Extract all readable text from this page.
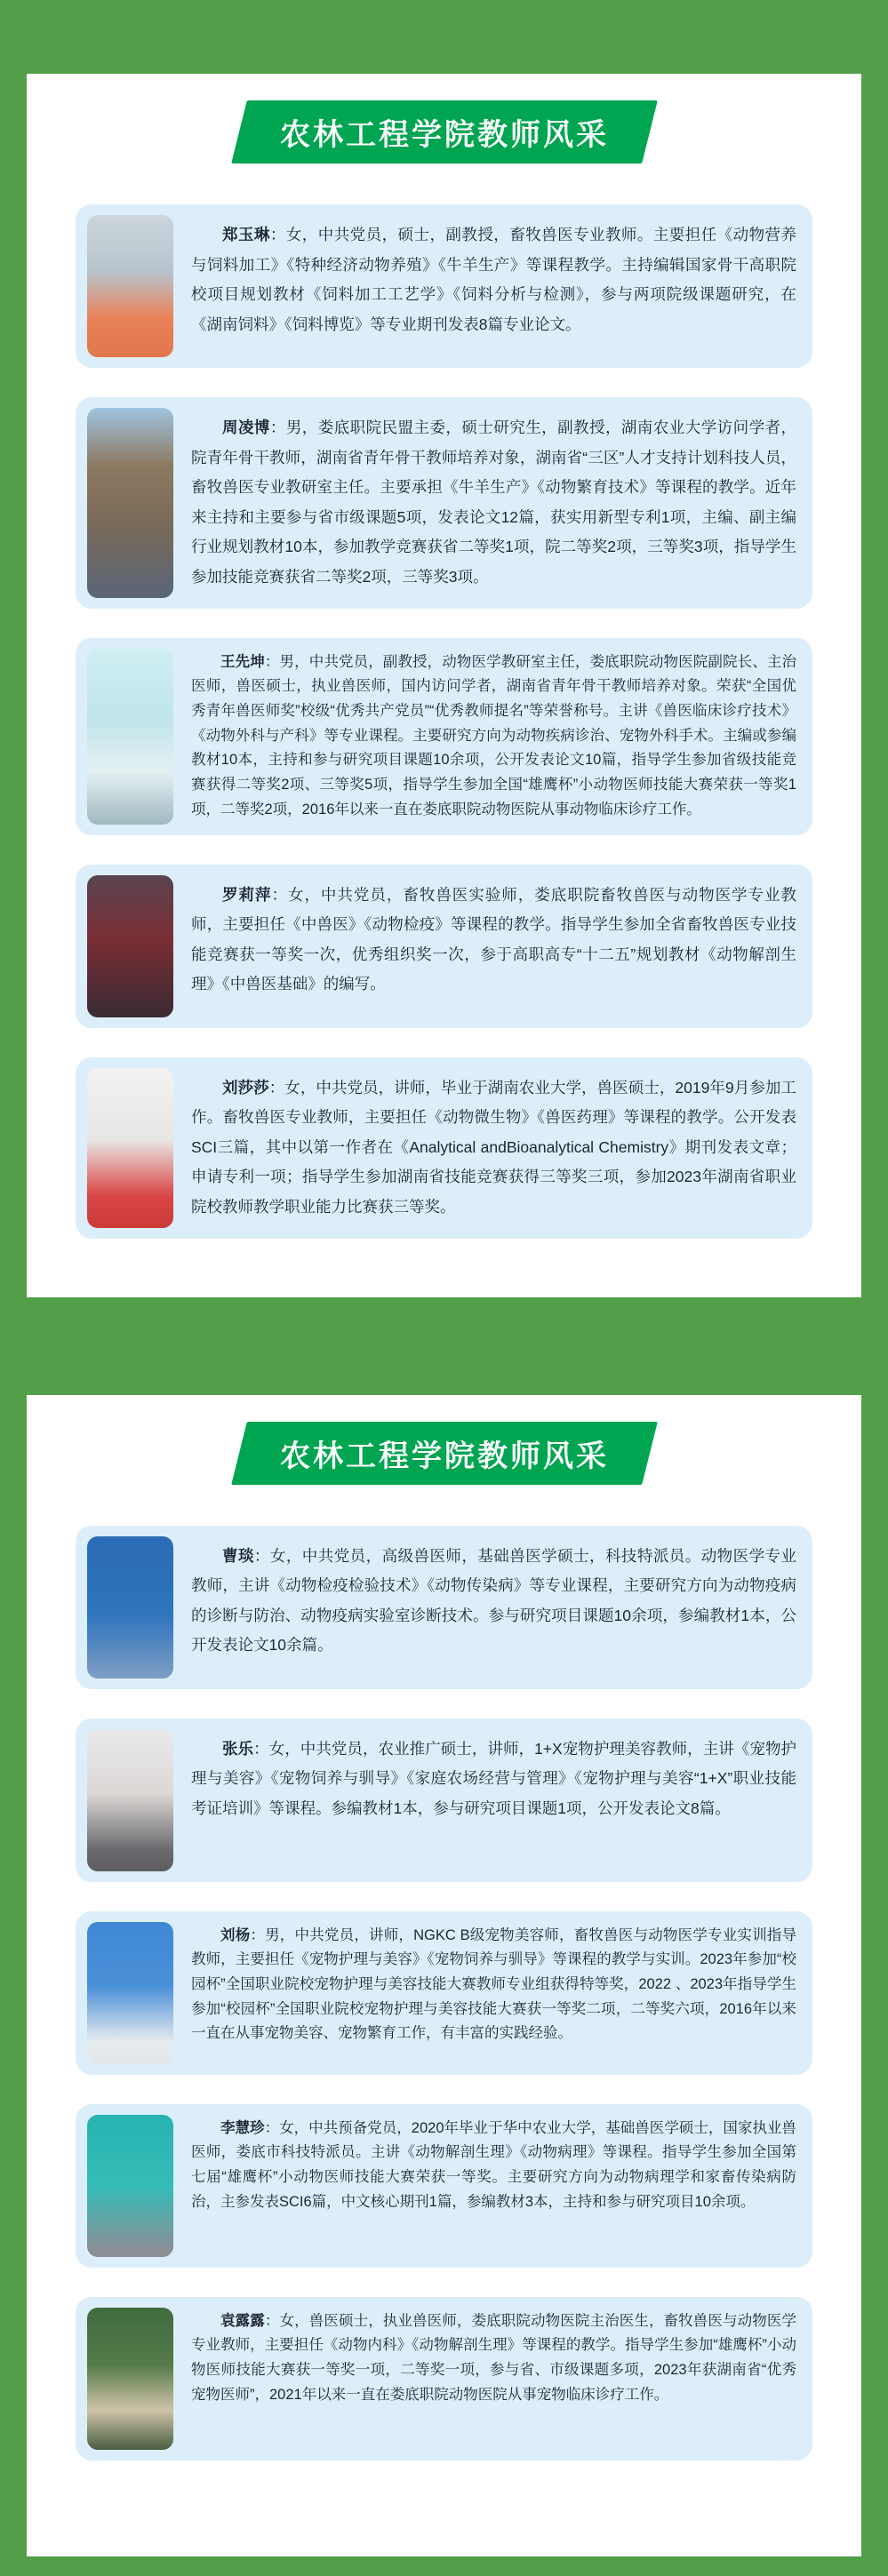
农林工程学院教师风采

郑玉琳：女，中共党员，硕士，副教授，畜牧兽医专业教师。主要担任《动物营养与饲料加工》《特种经济动物养殖》《牛羊生产》等课程教学。主持编辑国家骨干高职院校项目规划教材《饲料加工工艺学》《饲料分析与检测》，参与两项院级课题研究，在《湖南饲料》《饲料博览》等专业期刊发表8篇专业论文。

周凌博：男，娄底职院民盟主委，硕士研究生，副教授，湖南农业大学访问学者，院青年骨干教师，湖南省青年骨干教师培养对象，湖南省“三区”人才支持计划科技人员，畜牧兽医专业教研室主任。主要承担《牛羊生产》《动物繁育技术》等课程的教学。近年来主持和主要参与省市级课题5项，发表论文12篇，获实用新型专利1项，主编、副主编行业规划教材10本，参加教学竞赛获省二等奖1项，院二等奖2项，三等奖3项，指导学生参加技能竞赛获省二等奖2项，三等奖3项。

王先坤：男，中共党员，副教授，动物医学教研室主任，娄底职院动物医院副院长、主治医师，兽医硕士，执业兽医师，国内访问学者，湖南省青年骨干教师培养对象。荣获“全国优秀青年兽医师奖”校级“优秀共产党员”“优秀教师提名”等荣誉称号。主讲《兽医临床诊疗技术》《动物外科与产科》等专业课程。主要研究方向为动物疾病诊治、宠物外科手术。主编或参编教材10本，主持和参与研究项目课题10余项，公开发表论文10篇，指导学生参加省级技能竞赛获得二等奖2项、三等奖5项，指导学生参加全国“雄鹰杯”小动物医师技能大赛荣获一等奖1项，二等奖2项，2016年以来一直在娄底职院动物医院从事动物临床诊疗工作。

罗莉萍：女，中共党员，畜牧兽医实验师，娄底职院畜牧兽医与动物医学专业教师，主要担任《中兽医》《动物检疫》等课程的教学。指导学生参加全省畜牧兽医专业技能竞赛获一等奖一次，优秀组织奖一次，参于高职高专“十二五”规划教材《动物解剖生理》《中兽医基础》的编写。

刘莎莎：女，中共党员，讲师，毕业于湖南农业大学，兽医硕士，2019年9月参加工作。畜牧兽医专业教师，主要担任《动物微生物》《兽医药理》等课程的教学。公开发表SCI三篇，其中以第一作者在《Analytical andBioanalytical Chemistry》期刊发表文章；申请专利一项；指导学生参加湖南省技能竞赛获得三等奖三项，参加2023年湖南省职业院校教师教学职业能力比赛获三等奖。

农林工程学院教师风采

曹琰：女，中共党员，高级兽医师，基础兽医学硕士，科技特派员。动物医学专业教师，主讲《动物检疫检验技术》《动物传染病》等专业课程，主要研究方向为动物疫病的诊断与防治、动物疫病实验室诊断技术。参与研究项目课题10余项，参编教材1本，公开发表论文10余篇。

张乐：女，中共党员，农业推广硕士，讲师，1+X宠物护理美容教师，主讲《宠物护理与美容》《宠物饲养与驯导》《家庭农场经营与管理》《宠物护理与美容“1+X”职业技能考证培训》等课程。参编教材1本，参与研究项目课题1项，公开发表论文8篇。

刘杨：男，中共党员，讲师，NGKC B级宠物美容师，畜牧兽医与动物医学专业实训指导教师，主要担任《宠物护理与美容》《宠物饲养与驯导》等课程的教学与实训。2023年参加“校园杯”全国职业院校宠物护理与美容技能大赛教师专业组获得特等奖，2022 、2023年指导学生参加“校园杯”全国职业院校宠物护理与美容技能大赛获一等奖二项，二等奖六项，2016年以来一直在从事宠物美容、宠物繁育工作，有丰富的实践经验。

李慧珍：女，中共预备党员，2020年毕业于华中农业大学，基础兽医学硕士，国家执业兽医师，娄底市科技特派员。主讲《动物解剖生理》《动物病理》等课程。指导学生参加全国第七届“雄鹰杯”小动物医师技能大赛荣获一等奖。主要研究方向为动物病理学和家畜传染病防治，主参发表SCI6篇，中文核心期刊1篇，参编教材3本，主持和参与研究项目10余项。

袁露露：女，兽医硕士，执业兽医师，娄底职院动物医院主治医生，畜牧兽医与动物医学专业教师，主要担任《动物内科》《动物解剖生理》等课程的教学。指导学生参加“雄鹰杯”小动物医师技能大赛获一等奖一项，二等奖一项，参与省、市级课题多项，2023年获湖南省“优秀宠物医师”，2021年以来一直在娄底职院动物医院从事宠物临床诊疗工作。
